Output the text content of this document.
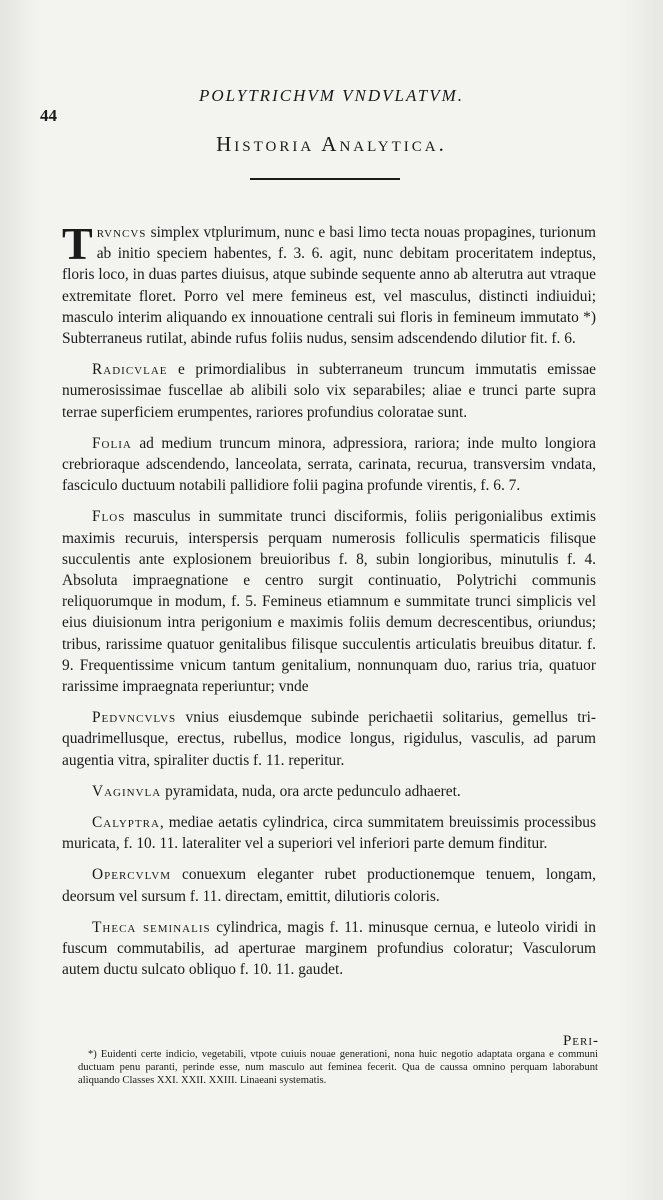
44
POLYTRICHVM VNDVLATVM.
Historia Analytica.

Trvncvs simplex vtplurimum, nunc e basi limo tecta nouas propagines, turionum ab initio speciem habentes, f. 3. 6. agit, nunc debitam proceritatem indeptus, floris loco, in duas partes diuisus, atque subinde sequente anno ab alterutra aut vtraque extremitate floret. Porro vel mere femineus est, vel masculus, distincti indiuidui; masculo interim aliquando ex innouatione centrali sui floris in femineum immutato *) Subterraneus rutilat, abinde rufus foliis nudus, sensim adscendendo dilutior fit. f. 6.

Radicvlae e primordialibus in subterraneum truncum immutatis emissae numerosissimae fuscellae ab alibili solo vix separabiles; aliae e trunci parte supra terrae superficiem erumpentes, rariores profundius coloratae sunt.

Folia ad medium truncum minora, adpressiora, rariora; inde multo longiora crebrioraque adscendendo, lanceolata, serrata, carinata, recurua, transversim vndata, fasciculo ductuum notabili pallidiore folii pagina profunde virentis, f. 6. 7.

Flos masculus in summitate trunci disciformis, foliis perigonialibus extimis maximis recuruis, interspersis perquam numerosis folliculis spermaticis filisque succulentis ante explosionem breuioribus f. 8, subin longioribus, minutulis f. 4. Absoluta impraegnatione e centro surgit continuatio, Polytrichi communis reliquorumque in modum, f. 5. Femineus etiamnum e summitate trunci simplicis vel eius diuisionum intra perigonium e maximis foliis demum decrescentibus, oriundus; tribus, rarissime quatuor genitalibus filisque succulentis articulatis breuibus ditatur. f. 9. Frequentissime vnicum tantum genitalium, nonnunquam duo, rarius tria, quatuor rarissime impraegnata reperiuntur; vnde

Pedvncvlvs vnius eiusdemque subinde perichaetii solitarius, gemellus tri-quadrimellusque, erectus, rubellus, modice longus, rigidulus, vasculis, ad parum augentia vitra, spiraliter ductis f. 11. reperitur.

Vaginvla pyramidata, nuda, ora arcte pedunculo adhaeret.

Calyptra, mediae aetatis cylindrica, circa summitatem breuissimis processibus muricata, f. 10. 11. lateraliter vel a superiori vel inferiori parte demum finditur.

Opercvlvm conuexum eleganter rubet productionemque tenuem, longam, deorsum vel sursum f. 11. directam, emittit, dilutioris coloris.

Theca seminalis cylindrica, magis f. 11. minusque cernua, e luteolo viridi in fuscum commutabilis, ad aperturae marginem profundius coloratur; Vasculorum autem ductu sulcato obliquo f. 10. 11. gaudet.

Peri-

*) Euidenti certe indicio, vegetabili, vtpote cuiuis nouae generationi, nona huic negotio adaptata organa e communi ductuam penu paranti, perinde esse, num masculo aut feminea fecerit. Qua de caussa omnino perquam laborabunt aliquando Classes XXI. XXII. XXIII. Linaeani systematis.
